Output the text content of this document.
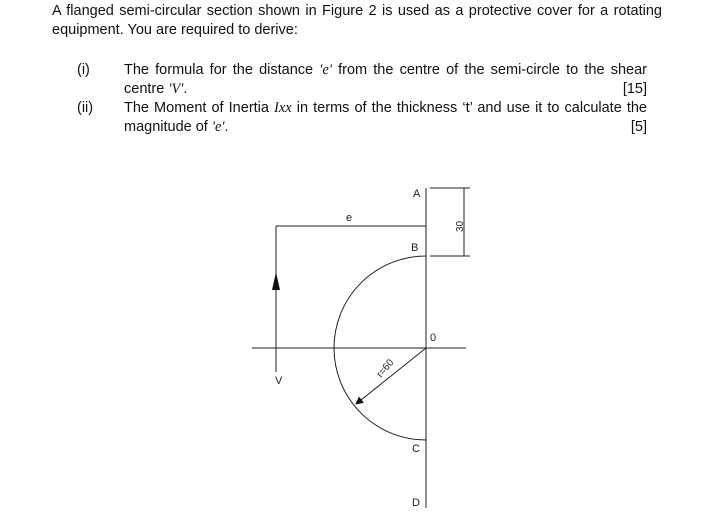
A flanged semi-circular section shown in Figure 2 is used as a protective cover for a rotating equipment. You are required to derive:
(i) The formula for the distance 'e' from the centre of the semi-circle to the shear
centre 'V'.	[15]
(ii) The Moment of Inertia Ixx in terms of the thickness ‘t’ and use it to calculate the
magnitude of 'e'.	[5]
A
B
0
C
D
e
V
30
r=60
